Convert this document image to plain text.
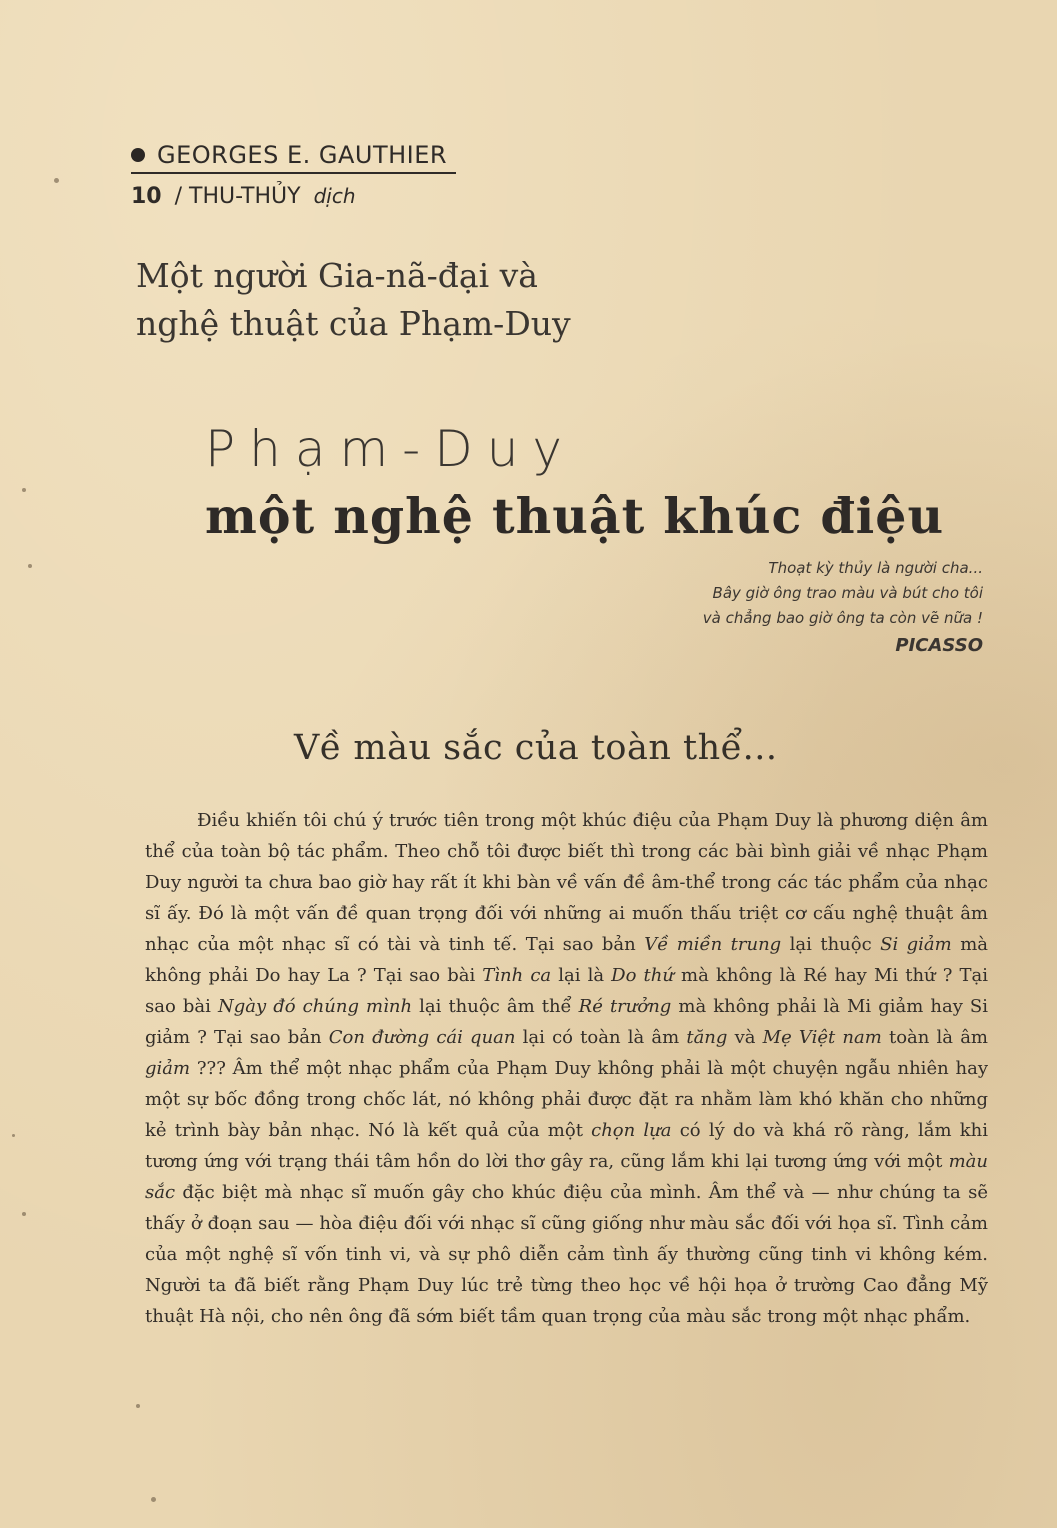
GEORGES E. GAUTHIER
10 / THU-THỦY dịch
Một người Gia-nã-đại và
nghệ thuật của Phạm-Duy
Phạm-Duy
một nghệ thuật khúc điệu
Thoạt kỳ thủy là người cha...
Bây giờ ông trao màu và bút cho tôi
và chẳng bao giờ ông ta còn vẽ nữa !
PICASSO
Về màu sắc của toàn thể...

Điều khiến tôi chú ý trước tiên trong một khúc điệu của Phạm Duy là phương diện âm thể của toàn bộ tác phẩm. Theo chỗ tôi được biết thì trong các bài bình giải về nhạc Phạm Duy người ta chưa bao giờ hay rất ít khi bàn về vấn đề âm-thể trong các tác phẩm của nhạc sĩ ấy. Đó là một vấn đề quan trọng đối với những ai muốn thấu triệt cơ cấu nghệ thuật âm nhạc của một nhạc sĩ có tài và tinh tế. Tại sao bản Về miền trung lại thuộc Si giảm mà không phải Do hay La ? Tại sao bài Tình ca lại là Do thứ mà không là Ré hay Mi thứ ? Tại sao bài Ngày đó chúng mình lại thuộc âm thể Ré trưởng mà không phải là Mi giảm hay Si giảm ? Tại sao bản Con đường cái quan lại có toàn là âm tăng và Mẹ Việt nam toàn là âm giảm ??? Âm thể một nhạc phẩm của Phạm Duy không phải là một chuyện ngẫu nhiên hay một sự bốc đồng trong chốc lát, nó không phải được đặt ra nhằm làm khó khăn cho những kẻ trình bày bản nhạc. Nó là kết quả của một chọn lựa có lý do và khá rõ ràng, lắm khi tương ứng với trạng thái tâm hồn do lời thơ gây ra, cũng lắm khi lại tương ứng với một màu sắc đặc biệt mà nhạc sĩ muốn gây cho khúc điệu của mình. Âm thể và — như chúng ta sẽ thấy ở đoạn sau — hòa điệu đối với nhạc sĩ cũng giống như màu sắc đối với họa sĩ. Tình cảm của một nghệ sĩ vốn tinh vi, và sự phô diễn cảm tình ấy thường cũng tinh vi không kém. Người ta đã biết rằng Phạm Duy lúc trẻ từng theo học về hội họa ở trường Cao đẳng Mỹ thuật Hà nội, cho nên ông đã sớm biết tầm quan trọng của màu sắc trong một nhạc phẩm.
